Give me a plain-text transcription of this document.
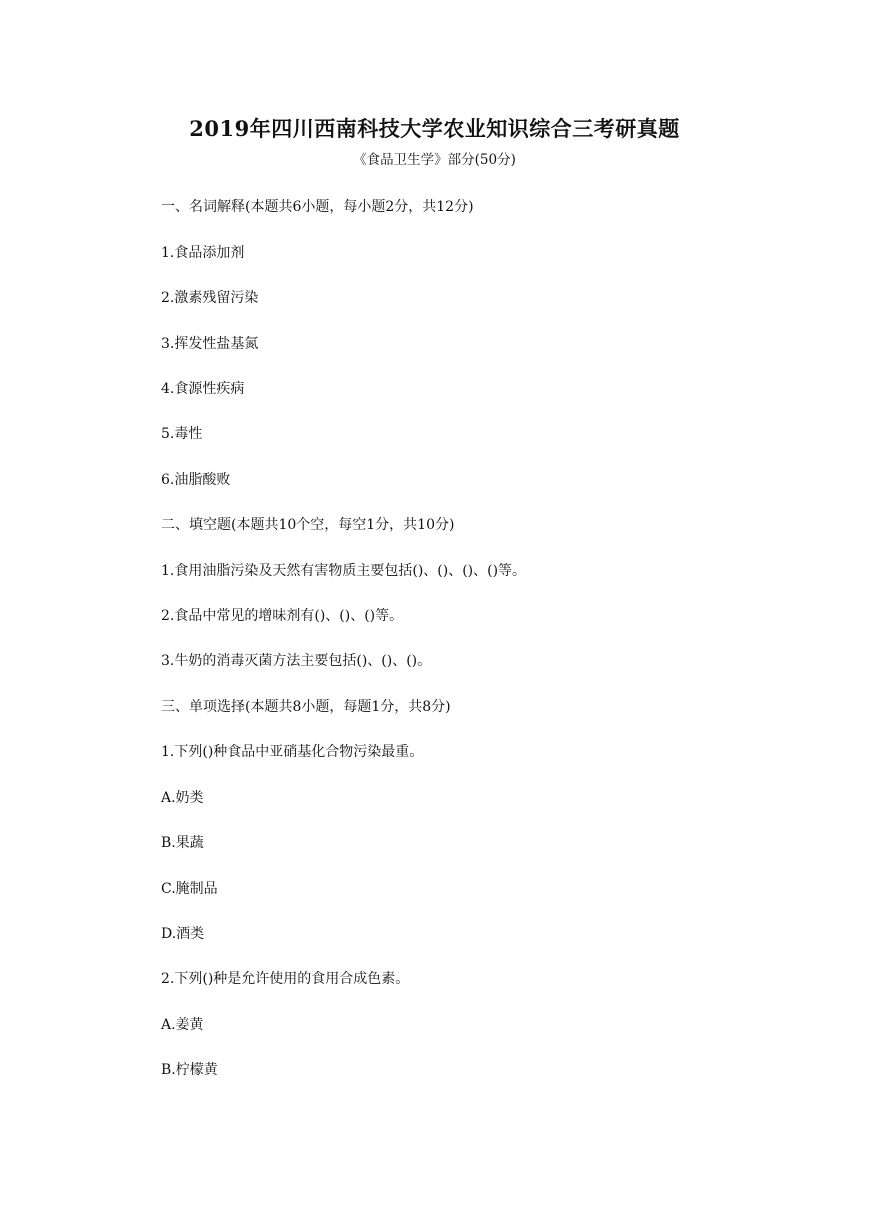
2019年四川西南科技大学农业知识综合三考研真题
《食品卫生学》部分(50分)
一、名词解释(本题共6小题，每小题2分，共12分)
1.食品添加剂
2.激素残留污染
3.挥发性盐基氮
4.食源性疾病
5.毒性
6.油脂酸败
二、填空题(本题共10个空，每空1分，共10分)
1.食用油脂污染及天然有害物质主要包括()、()、()、()等。
2.食品中常见的增味剂有()、()、()等。
3.牛奶的消毒灭菌方法主要包括()、()、()。
三、单项选择(本题共8小题，每题1分，共8分)
1.下列()种食品中亚硝基化合物污染最重。
A.奶类
B.果蔬
C.腌制品
D.酒类
2.下列()种是允许使用的食用合成色素。
A.姜黄
B.柠檬黄
